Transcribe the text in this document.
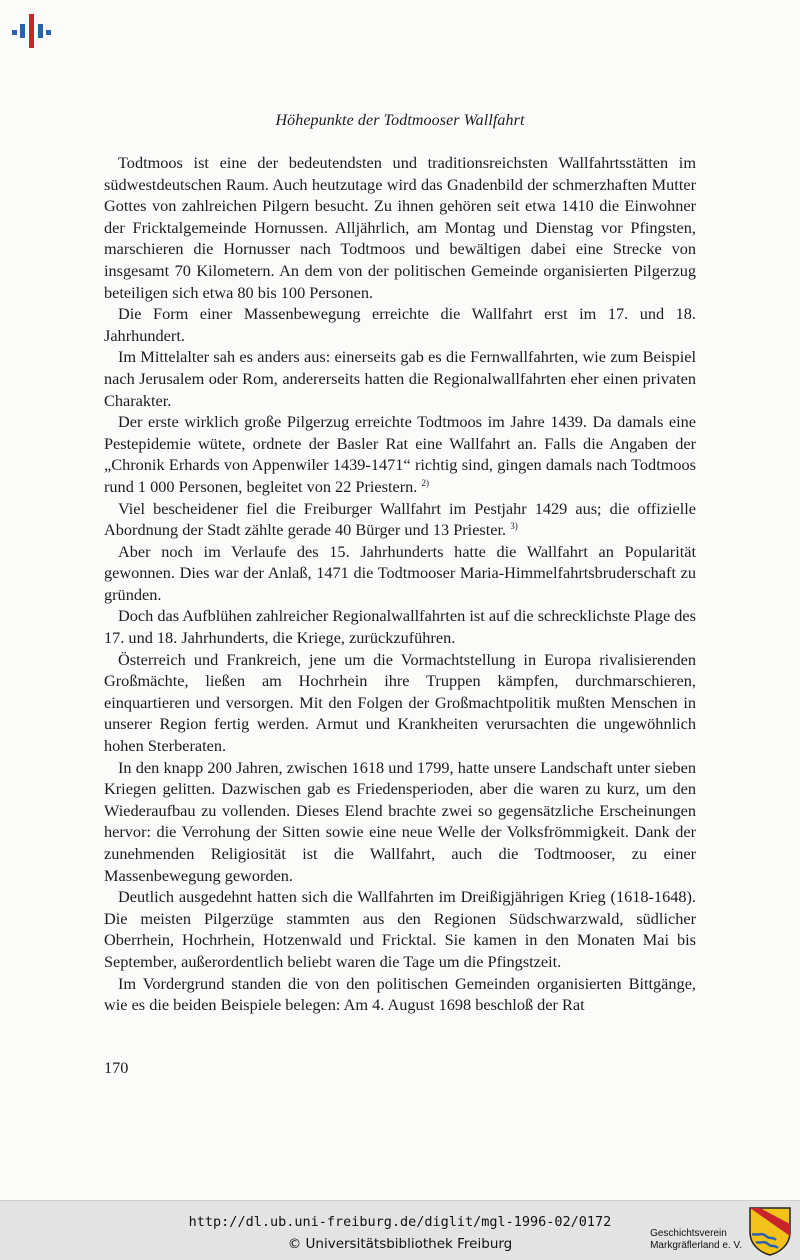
Höhepunkte der Todtmooser Wallfahrt

Todtmoos ist eine der bedeutendsten und traditionsreichsten Wallfahrtsstätten im südwestdeutschen Raum. Auch heutzutage wird das Gnadenbild der schmerzhaften Mutter Gottes von zahlreichen Pilgern besucht. Zu ihnen gehören seit etwa 1410 die Einwohner der Fricktalgemeinde Hornussen. Alljährlich, am Montag und Dienstag vor Pfingsten, marschieren die Hornusser nach Todtmoos und bewältigen dabei eine Strecke von insgesamt 70 Kilometern. An dem von der politischen Gemeinde organisierten Pilgerzug beteiligen sich etwa 80 bis 100 Personen.

Die Form einer Massenbewegung erreichte die Wallfahrt erst im 17. und 18. Jahrhundert.

Im Mittelalter sah es anders aus: einerseits gab es die Fernwallfahrten, wie zum Beispiel nach Jerusalem oder Rom, andererseits hatten die Regionalwallfahrten eher einen privaten Charakter.

Der erste wirklich große Pilgerzug erreichte Todtmoos im Jahre 1439. Da damals eine Pestepidemie wütete, ordnete der Basler Rat eine Wallfahrt an. Falls die Angaben der „Chronik Erhards von Appenwiler 1439-1471“ richtig sind, gingen damals nach Todtmoos rund 1 000 Personen, begleitet von 22 Priestern. $^{2)}$

Viel bescheidener fiel die Freiburger Wallfahrt im Pestjahr 1429 aus; die offizielle Abordnung der Stadt zählte gerade 40 Bürger und 13 Priester. $^{3)}$

Aber noch im Verlaufe des 15. Jahrhunderts hatte die Wallfahrt an Popularität gewonnen. Dies war der Anlaß, 1471 die Todtmooser Maria-Himmelfahrtsbruderschaft zu gründen.

Doch das Aufblühen zahlreicher Regionalwallfahrten ist auf die schrecklichste Plage des 17. und 18. Jahrhunderts, die Kriege, zurückzuführen.

Österreich und Frankreich, jene um die Vormachtstellung in Europa rivalisierenden Großmächte, ließen am Hochrhein ihre Truppen kämpfen, durchmarschieren, einquartieren und versorgen. Mit den Folgen der Großmachtpolitik mußten Menschen in unserer Region fertig werden. Armut und Krankheiten verursachten die ungewöhnlich hohen Sterberaten.

In den knapp 200 Jahren, zwischen 1618 und 1799, hatte unsere Landschaft unter sieben Kriegen gelitten. Dazwischen gab es Friedensperioden, aber die waren zu kurz, um den Wiederaufbau zu vollenden. Dieses Elend brachte zwei so gegensätzliche Erscheinungen hervor: die Verrohung der Sitten sowie eine neue Welle der Volksfrömmigkeit. Dank der zunehmenden Religiosität ist die Wallfahrt, auch die Todtmooser, zu einer Massenbewegung geworden.

Deutlich ausgedehnt hatten sich die Wallfahrten im Dreißigjährigen Krieg (1618-1648). Die meisten Pilgerzüge stammten aus den Regionen Südschwarzwald, südlicher Oberrhein, Hochrhein, Hotzenwald und Fricktal. Sie kamen in den Monaten Mai bis September, außerordentlich beliebt waren die Tage um die Pfingstzeit.

Im Vordergrund standen die von den politischen Gemeinden organisierten Bittgänge, wie es die beiden Beispiele belegen: Am 4. August 1698 beschloß der Rat

170
http://dl.ub.uni-freiburg.de/diglit/mgl-1996-02/0172
© Universitätsbibliothek Freiburg
Geschichtsverein
Markgräflerland e. V.
